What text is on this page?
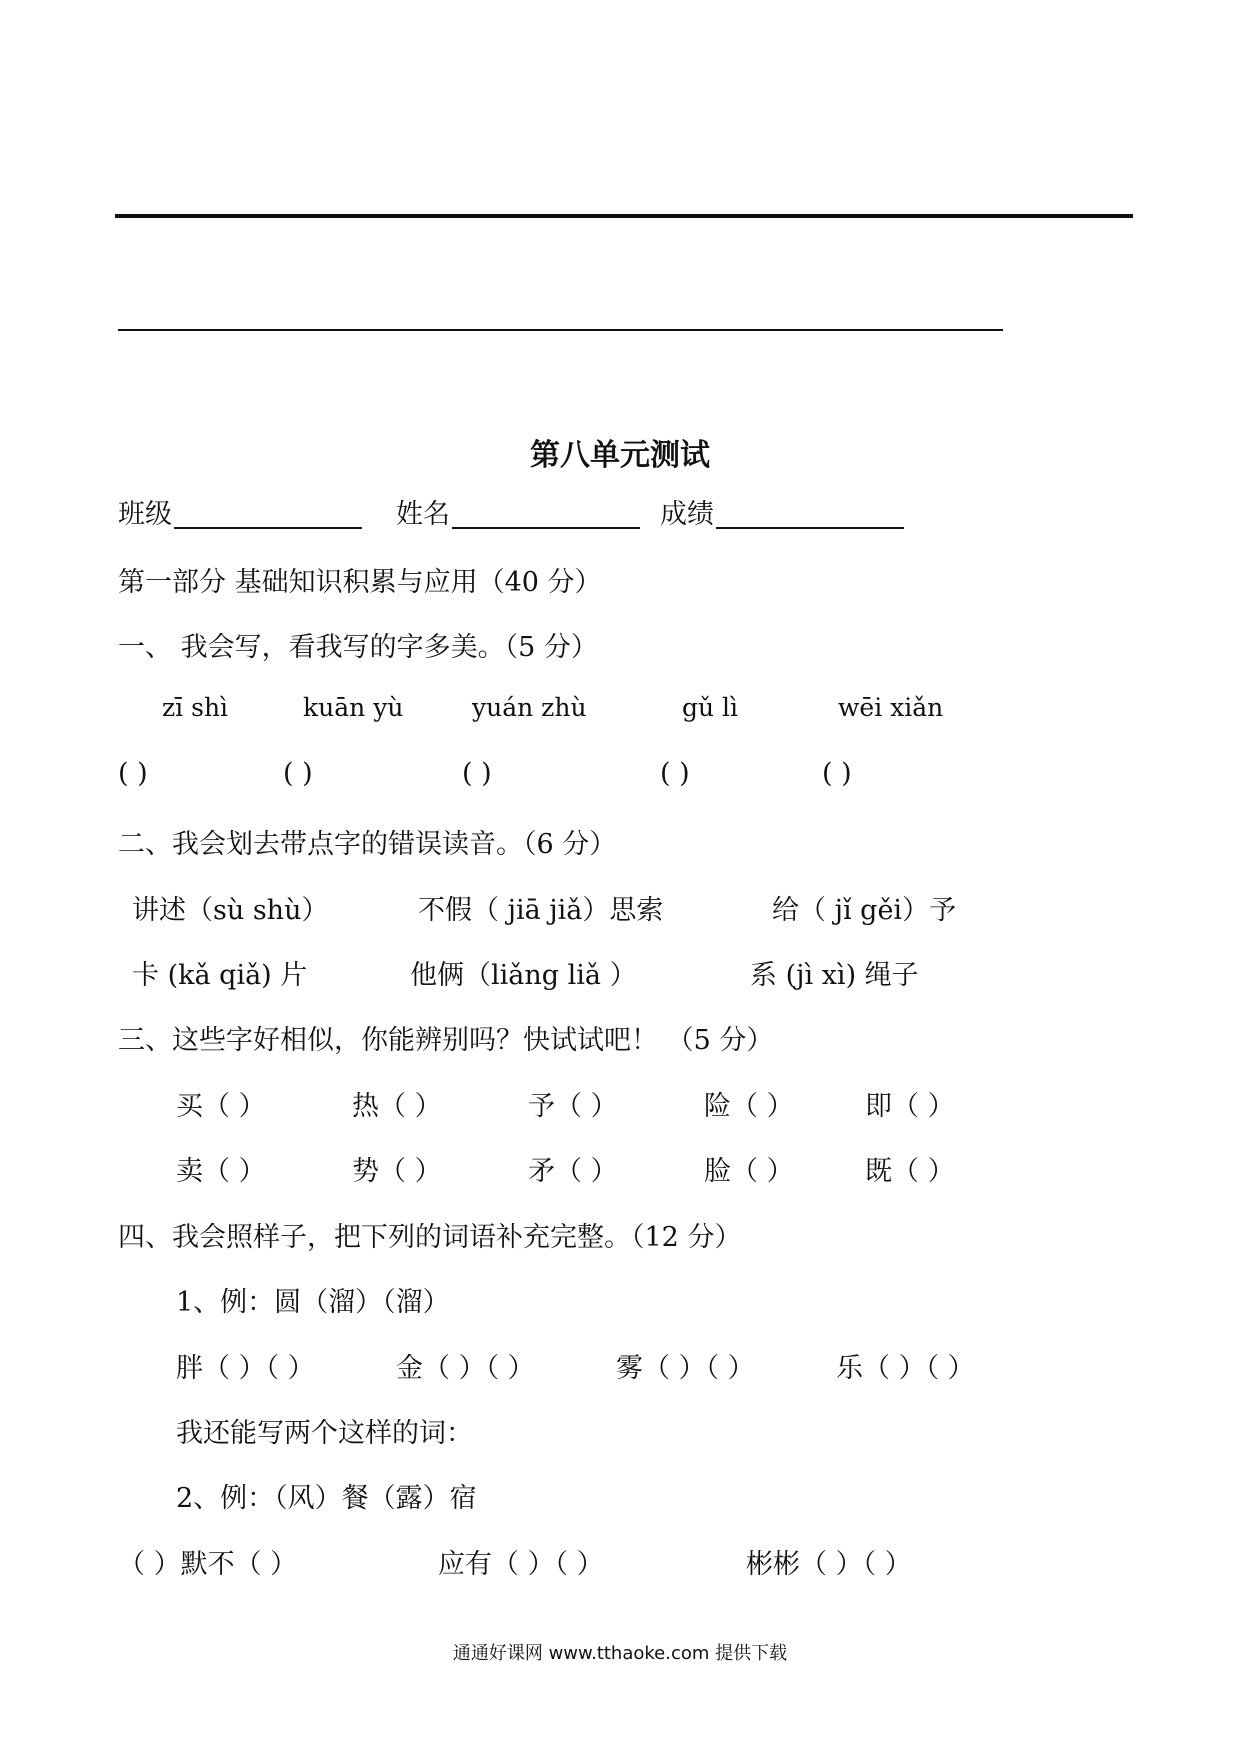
第八单元测试
班级	姓名	成绩
第一部分 基础知识积累与应用（40 分）
一、 我会写，看我写的字多美。（5 分）
zī shì	kuān yù	yuán zhù	gǔ lì	wēi xiǎn
( )	( )	( )	( )	( )
二、我会划去带点字的错误读音。（6 分）
讲述（sù shù）	不假（ jiā jiǎ）思索	给（ jǐ gěi）予
卡 (kǎ qiǎ) 片	他俩（liǎng liǎ ）	系 (jì xì) 绳子
三、这些字好相似，你能辨别吗？快试试吧！ （5 分）
买（ ）	热（ ）	予（ ）	险（ ）	即（ ）
卖（ ）	势（ ）	矛（ ）	脸（ ）	既（ ）
四、我会照样子，把下列的词语补充完整。（12 分）
1、例：圆（溜）（溜）
胖（ ）（ ）	金（ ）（ ）	雾（ ）（ ）	乐（ ）（ ）
我还能写两个这样的词：
2、例：（风）餐（露）宿
（ ）默不（ ）	应有（ ）（ ）	彬彬（ ）（ ）
通通好课网 www.tthaoke.com 提供下载
